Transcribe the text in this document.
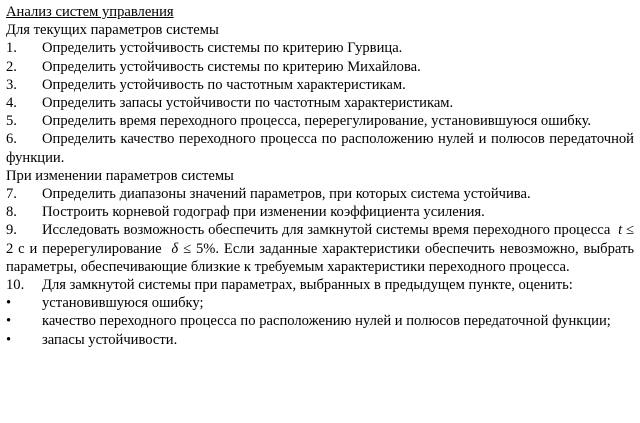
Анализ систем управления
Для текущих параметров системы
1.	Определить устойчивость системы по критерию Гурвица.
2.	Определить устойчивость системы по критерию Михайлова.
3.	Определить устойчивость по частотным характеристикам.
4.	Определить запасы устойчивости по частотным характеристикам.
5.	Определить время переходного процесса, перерегулирование, установившуюся ошибку.
6.	Определить качество переходного процесса по расположению нулей и полюсов передаточной функции.
При изменении параметров системы
7.	Определить диапазоны значений параметров, при которых система устойчива.
8.	Построить корневой годограф при изменении коэффициента усиления.
9.	Исследовать возможность обеспечить для замкнутой системы время переходного процесса t ≤ 2 с и перерегулирование δ ≤ 5%. Если заданные характеристики обеспечить невозможно, выбрать параметры, обеспечивающие близкие к требуемым характеристики переходного процесса.
10.	Для замкнутой системы при параметрах, выбранных в предыдущем пункте, оценить:
•	установившуюся ошибку;
•	качество переходного процесса по расположению нулей и полюсов передаточной функции;
•	запасы устойчивости.
